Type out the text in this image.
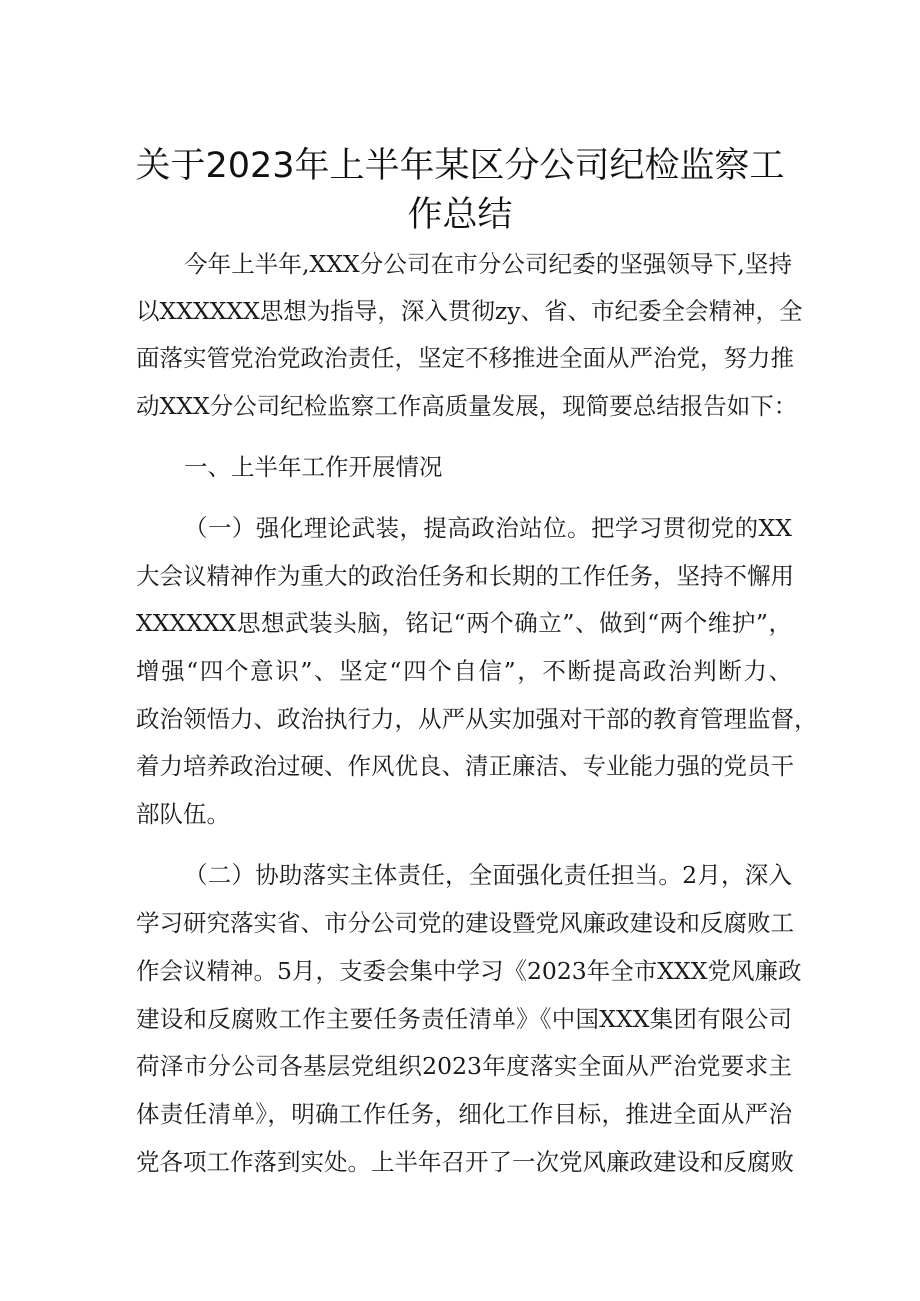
关于2023年上半年某区分公司纪检监察工
作总结
今年上半年,XXX分公司在市分公司纪委的坚强领导下,坚持
以XXXXXX思想为指导，深入贯彻zy、省、市纪委全会精神，全
面落实管党治党政治责任，坚定不移推进全面从严治党，努力推
动XXX分公司纪检监察工作高质量发展，现简要总结报告如下：
一、上半年工作开展情况
（一）强化理论武装，提高政治站位。把学习贯彻党的XX
大会议精神作为重大的政治任务和长期的工作任务，坚持不懈用
XXXXXX思想武装头脑，铭记“两个确立”、做到“两个维护”，
增强“四个意识”、坚定“四个自信”，不断提高政治判断力、
政治领悟力、政治执行力，从严从实加强对干部的教育管理监督，
着力培养政治过硬、作风优良、清正廉洁、专业能力强的党员干
部队伍。
（二）协助落实主体责任，全面强化责任担当。2月，深入
学习研究落实省、市分公司党的建设暨党风廉政建设和反腐败工
作会议精神。5月，支委会集中学习《2023年全市XXX党风廉政
建设和反腐败工作主要任务责任清单》《中国XXX集团有限公司
荷泽市分公司各基层党组织2023年度落实全面从严治党要求主
体责任清单》，明确工作任务，细化工作目标，推进全面从严治
党各项工作落到实处。上半年召开了一次党风廉政建设和反腐败
